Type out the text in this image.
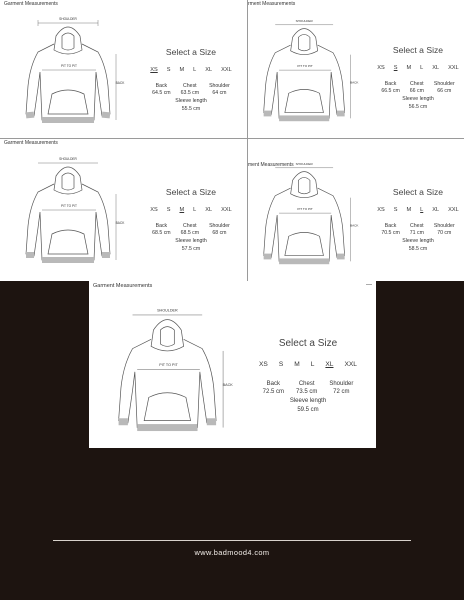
Garment Measurements
SHOULDER
PIT TO PIT
BACK
Select a Size
XS S M L XL XXL
Back
64.5 cm
Chest
63.5 cm
Shoulder
64 cm
Sleeve length
55.5 cm
rment Measurements
SHOULDER
PIT TO PIT
BACK
Select a Size
XS S M L XL XXL
Back
66.5 cm
Chest
66 cm
Shoulder
66 cm
Sleeve length
56.5 cm
Garment Measurements
SHOULDER
PIT TO PIT
BACK
Select a Size
XS S M L XL XXL
Back
68.5 cm
Chest
68.5 cm
Shoulder
68 cm
Sleeve length
57.5 cm
ment Measurements SHOULDER
PIT TO PIT
BACK
Select a Size
XS S M L XL XXL
Back
70.5 cm
Chest
71 cm
Shoulder
70 cm
Sleeve length
58.5 cm
Garment Measurements	—
SHOULDER
PIT TO PIT
BACK
Select a Size
XS S M L XL XXL
Back
72.5 cm
Chest
73.5 cm
Shoulder
72 cm
Sleeve length
59.5 cm
www.badmood4.com
